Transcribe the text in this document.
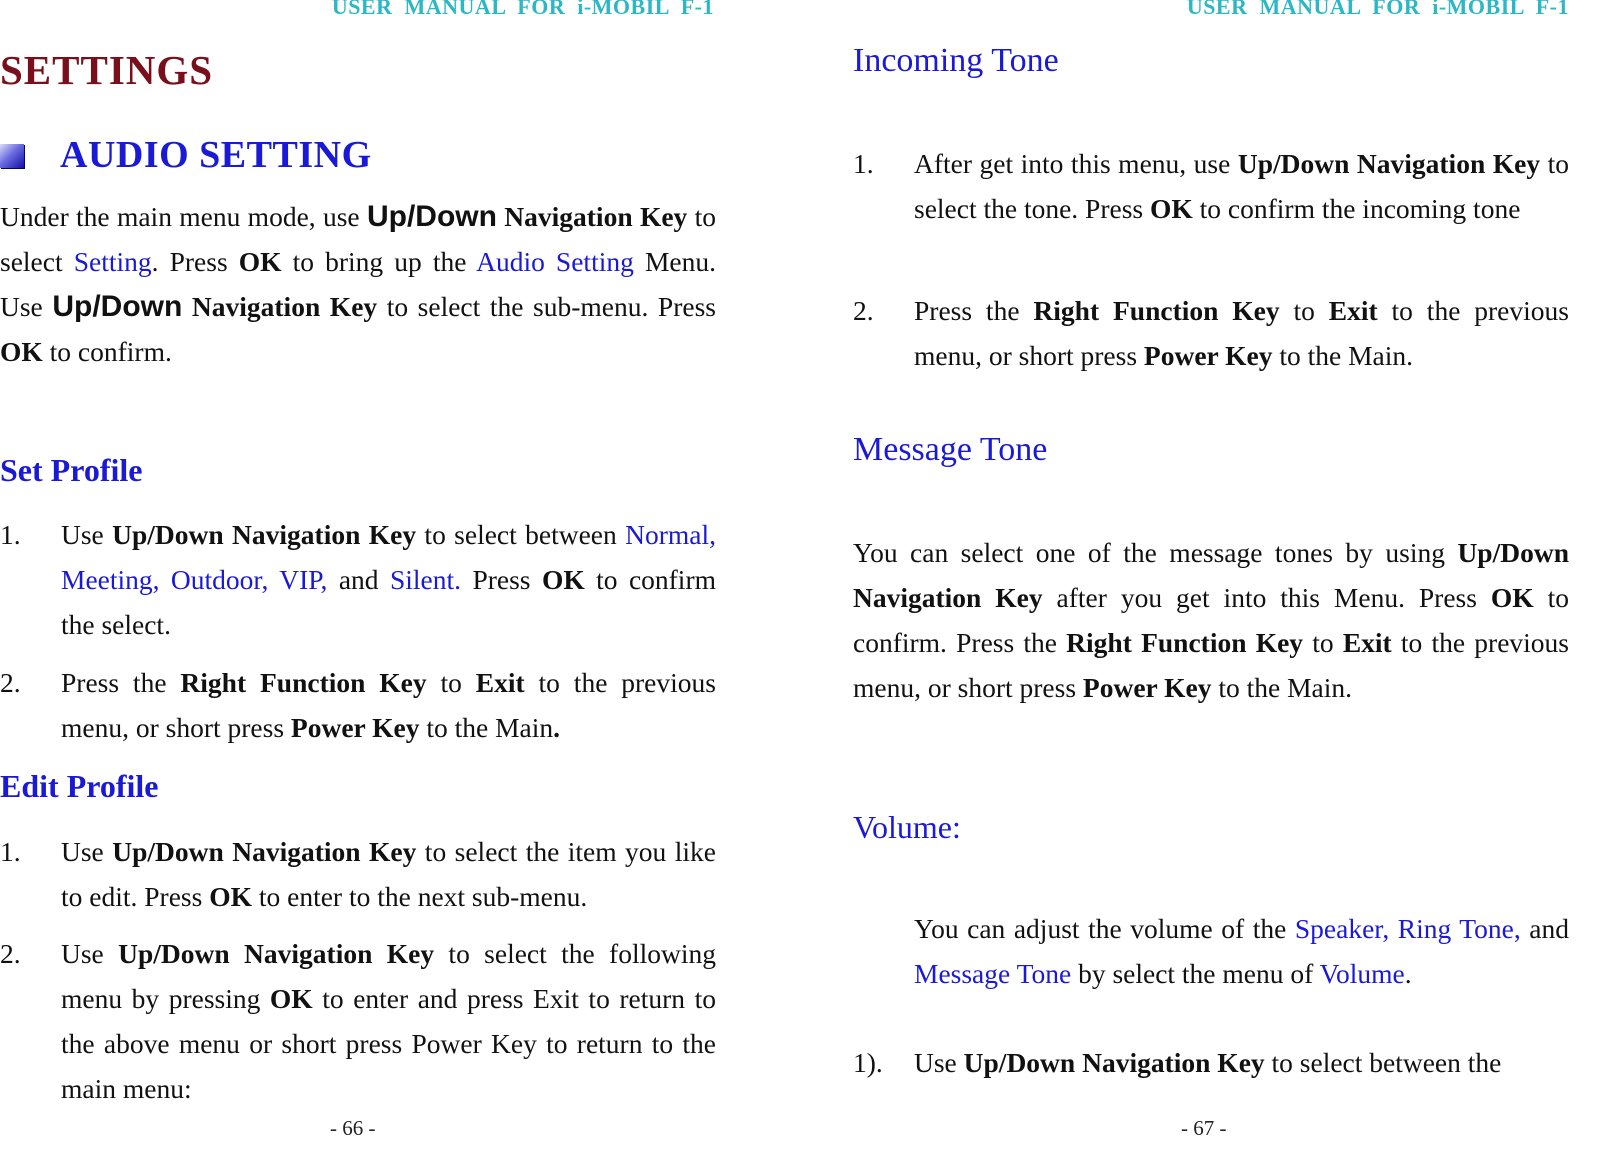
USER MANUAL FOR i-MOBIL F-1
SETTINGS
AUDIO SETTING
Under the main menu mode, use Up/Down Navigation Key to select Setting. Press OK to bring up the Audio Setting Menu. Use Up/Down Navigation Key to select the sub-menu. Press OK to confirm.
Set Profile
1. Use Up/Down Navigation Key to select between Normal, Meeting, Outdoor, VIP, and Silent. Press OK to confirm the select.
2. Press the Right Function Key to Exit to the previous menu, or short press Power Key to the Main.
Edit Profile
1. Use Up/Down Navigation Key to select the item you like to edit. Press OK to enter to the next sub-menu.
2. Use Up/Down Navigation Key to select the following menu by pressing OK to enter and press Exit to return to the above menu or short press Power Key to return to the main menu:
- 66 -
USER MANUAL FOR i-MOBIL F-1
Incoming Tone
1. After get into this menu, use Up/Down Navigation Key to select the tone. Press OK to confirm the incoming tone
2. Press the Right Function Key to Exit to the previous menu, or short press Power Key to the Main.
Message Tone
You can select one of the message tones by using Up/Down Navigation Key after you get into this Menu. Press OK to confirm. Press the Right Function Key to Exit to the previous menu, or short press Power Key to the Main.
Volume:
You can adjust the volume of the Speaker, Ring Tone, and Message Tone by select the menu of Volume.
1). Use Up/Down Navigation Key to select between the
- 67 -
